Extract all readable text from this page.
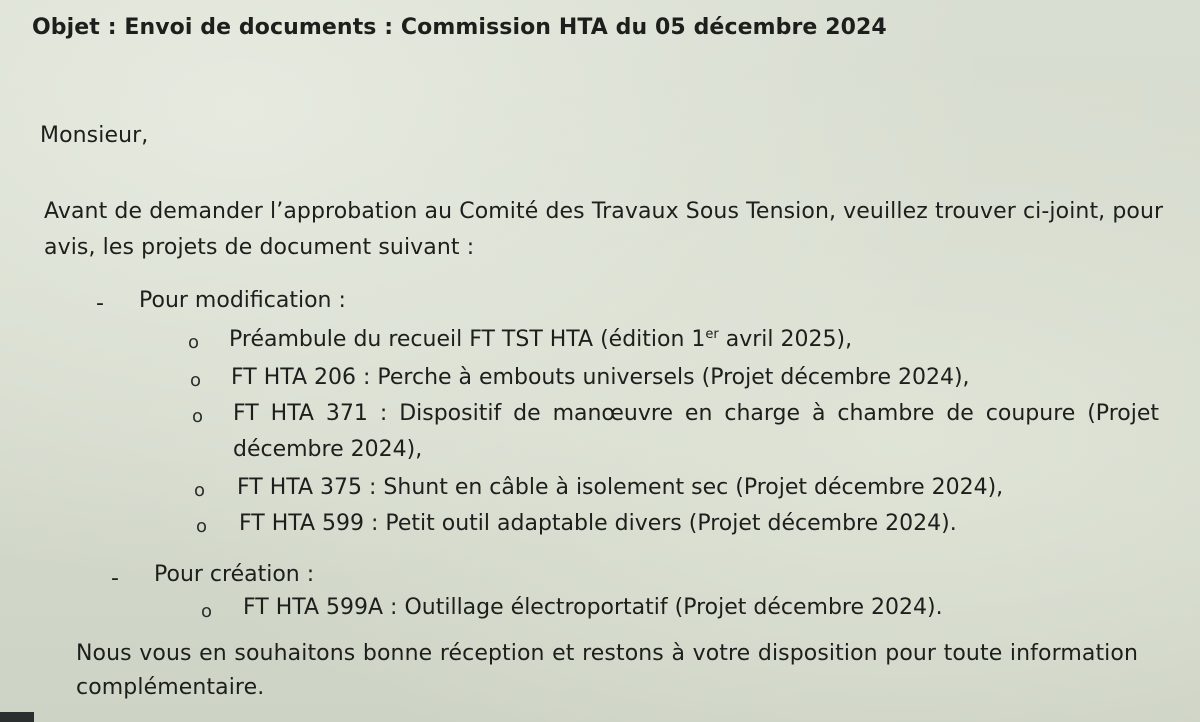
Objet : Envoi de documents : Commission HTA du 05 décembre 2024
Monsieur,
Avant de demander l’approbation au Comité des Travaux Sous Tension, veuillez trouver ci-joint, pour
avis, les projets de document suivant :
- Pour modification :
o Préambule du recueil FT TST HTA (édition 1er avril 2025),
o FT HTA 206 : Perche à embouts universels (Projet décembre 2024),
o FT HTA 371 : Dispositif de manœuvre en charge à chambre de coupure (Projet
décembre 2024),
o FT HTA 375 : Shunt en câble à isolement sec (Projet décembre 2024),
o FT HTA 599 : Petit outil adaptable divers (Projet décembre 2024).
- Pour création :
o FT HTA 599A : Outillage électroportatif (Projet décembre 2024).
Nous vous en souhaitons bonne réception et restons à votre disposition pour toute information
complémentaire.
